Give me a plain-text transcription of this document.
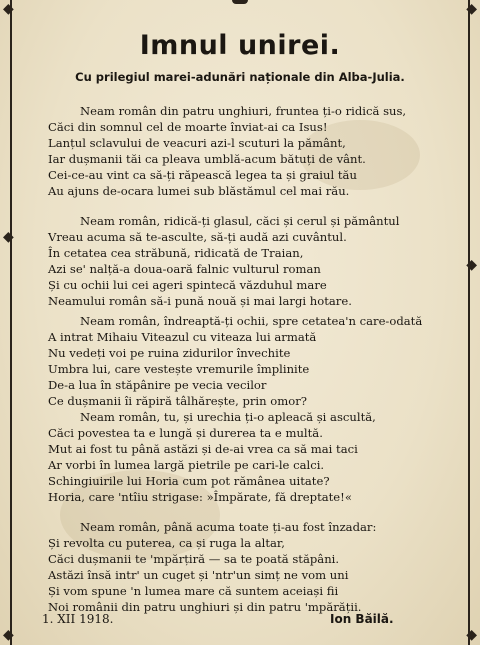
◆
◆
◆
◆
◆
◆
Imnul unirei.
Cu prilegiul marei-adunări naționale din Alba-Julia.
Neam român din patru unghiuri, fruntea ți-o ridică sus,
Căci din somnul cel de moarte înviat-ai ca Isus!
Lanțul sclavului de veacuri azi-l scuturi la pământ,
Iar dușmanii tăi ca pleava umblă-acum bătuți de vânt.
Cei-ce-au vint ca să-ți răpească legea ta și graiul tău
Au ajuns de-ocara lumei sub blăstămul cel mai rău.
Neam român, ridică-ți glasul, căci și cerul și pământul
Vreau acuma să te-asculte, să-ți audă azi cuvântul.
În cetatea cea străbună, ridicată de Traian,
Azi se' nalță-a doua-oară falnic vulturul roman
Și cu ochii lui cei ageri spintecă văzduhul mare
Neamului român să-i pună nouă și mai largi hotare.
Neam român, îndreaptă-ți ochii, spre cetatea'n care-odată
A intrat Mihaiu Viteazul cu viteaza lui armată
Nu vedeți voi pe ruina zidurilor învechite
Umbra lui, care vestește vremurile împlinite
De-a lua în stăpânire pe vecia vecilor
Ce dușmanii îi răpiră tâlhărește, prin omor?
Neam român, tu, și urechia ți-o apleacă și ascultă,
Căci povestea ta e lungă și durerea ta e multă.
Mut ai fost tu până astăzi și de-ai vrea ca să mai taci
Ar vorbi în lumea largă pietrile pe cari-le calci.
Schingiuirile lui Horia cum pot rămânea uitate?
Horia, care 'ntîiu strigase: »Împărate, fă dreptate!«
Neam român, până acuma toate ți-au fost înzadar:
Și revolta cu puterea, ca și ruga la altar,
Căci dușmanii te 'mpărțiră — sa te poată stăpâni.
Astăzi însă intr' un cuget și 'ntr'un simț ne vom uni
Și vom spune 'n lumea mare că suntem aceiași fii
Noi românii din patru unghiuri și din patru 'mpărății.
1. XII 1918.	Ion Băilă.
